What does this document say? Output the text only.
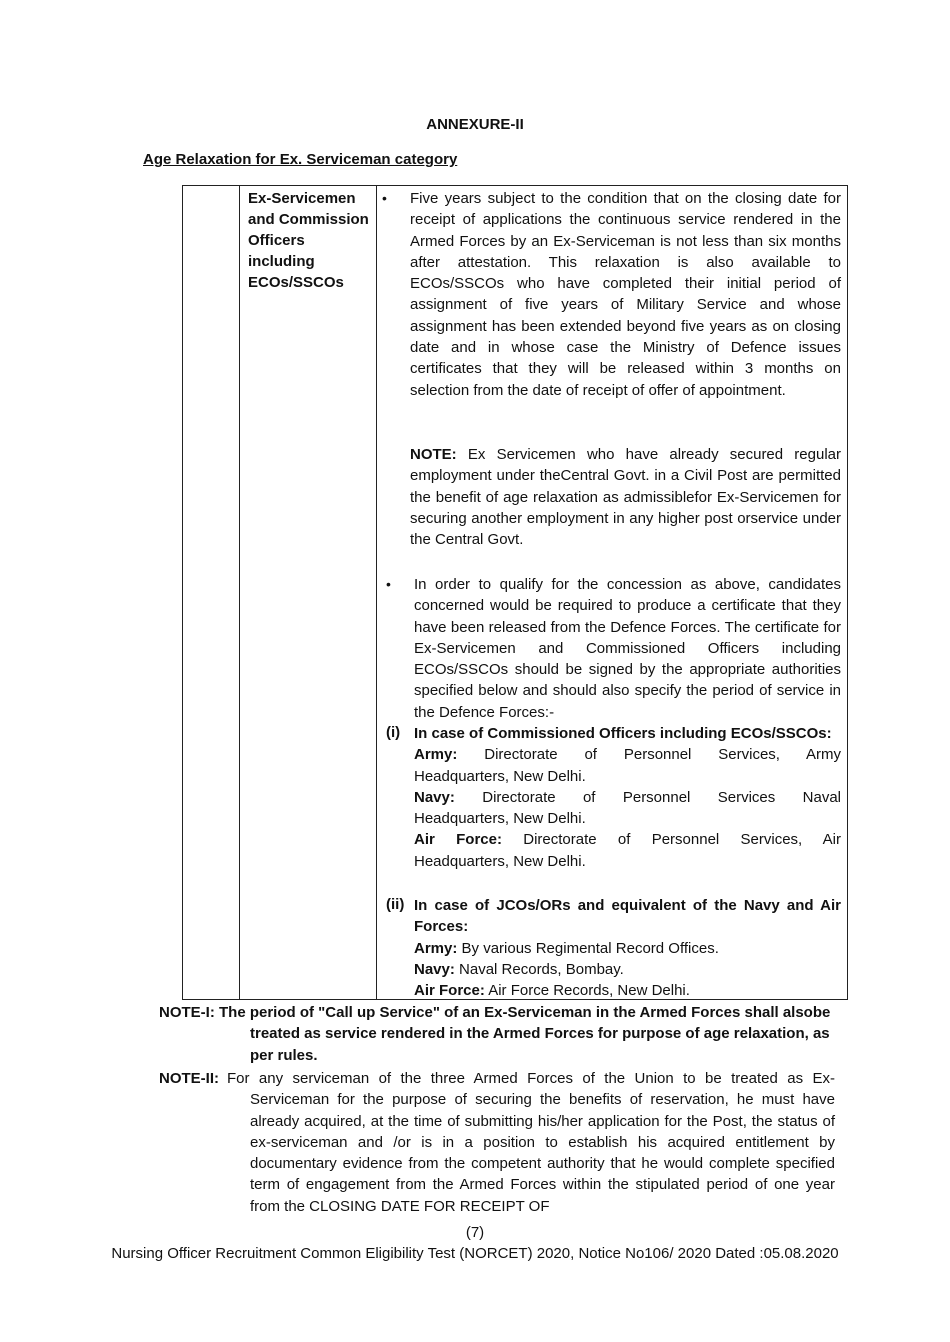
ANNEXURE-II
Age Relaxation for Ex. Serviceman category
Ex-Servicemen and Commission Officers including ECOs/SSCOs
• Five years subject to the condition that on the closing date for receipt of applications the continuous service rendered in the Armed Forces by an Ex-Serviceman is not less than six months after attestation. This relaxation is also available to ECOs/SSCOs who have completed their initial period of assignment of five years of Military Service and whose assignment has been extended beyond five years as on closing date and in whose case the Ministry of Defence issues certificates that they will be released within 3 months on selection from the date of receipt of offer of appointment.
NOTE: Ex Servicemen who have already secured regular employment under theCentral Govt. in a Civil Post are permitted the benefit of age relaxation as admissiblefor Ex-Servicemen for securing another employment in any higher post orservice under the Central Govt.
• In order to qualify for the concession as above, candidates concerned would be required to produce a certificate that they have been released from the Defence Forces. The certificate for Ex-Servicemen and Commissioned Officers including ECOs/SSCOs should be signed by the appropriate authorities specified below and should also specify the period of service in the Defence Forces:-
(i) In case of Commissioned Officers including ECOs/SSCOs:
Army: Directorate of Personnel Services, Army
Headquarters, New Delhi.
Navy: Directorate of Personnel Services Naval
Headquarters, New Delhi.
Air Force: Directorate of Personnel Services, Air
Headquarters, New Delhi.
(ii) In case of JCOs/ORs and equivalent of the Navy and Air Forces:
Army: By various Regimental Record Offices.
Navy: Naval Records, Bombay.
Air Force: Air Force Records, New Delhi.
NOTE-I: The period of "Call up Service" of an Ex-Serviceman in the Armed Forces shall alsobe treated as service rendered in the Armed Forces for purpose of age relaxation, as per rules.
NOTE-II: For any serviceman of the three Armed Forces of the Union to be treated as Ex-Serviceman for the purpose of securing the benefits of reservation, he must have already acquired, at the time of submitting his/her application for the Post, the status of ex-serviceman and /or is in a position to establish his acquired entitlement by documentary evidence from the competent authority that he would complete specified term of engagement from the Armed Forces within the stipulated period of one year from the CLOSING DATE FOR RECEIPT OF
(7)
Nursing Officer Recruitment Common Eligibility Test (NORCET) 2020, Notice No106/ 2020 Dated :05.08.2020
